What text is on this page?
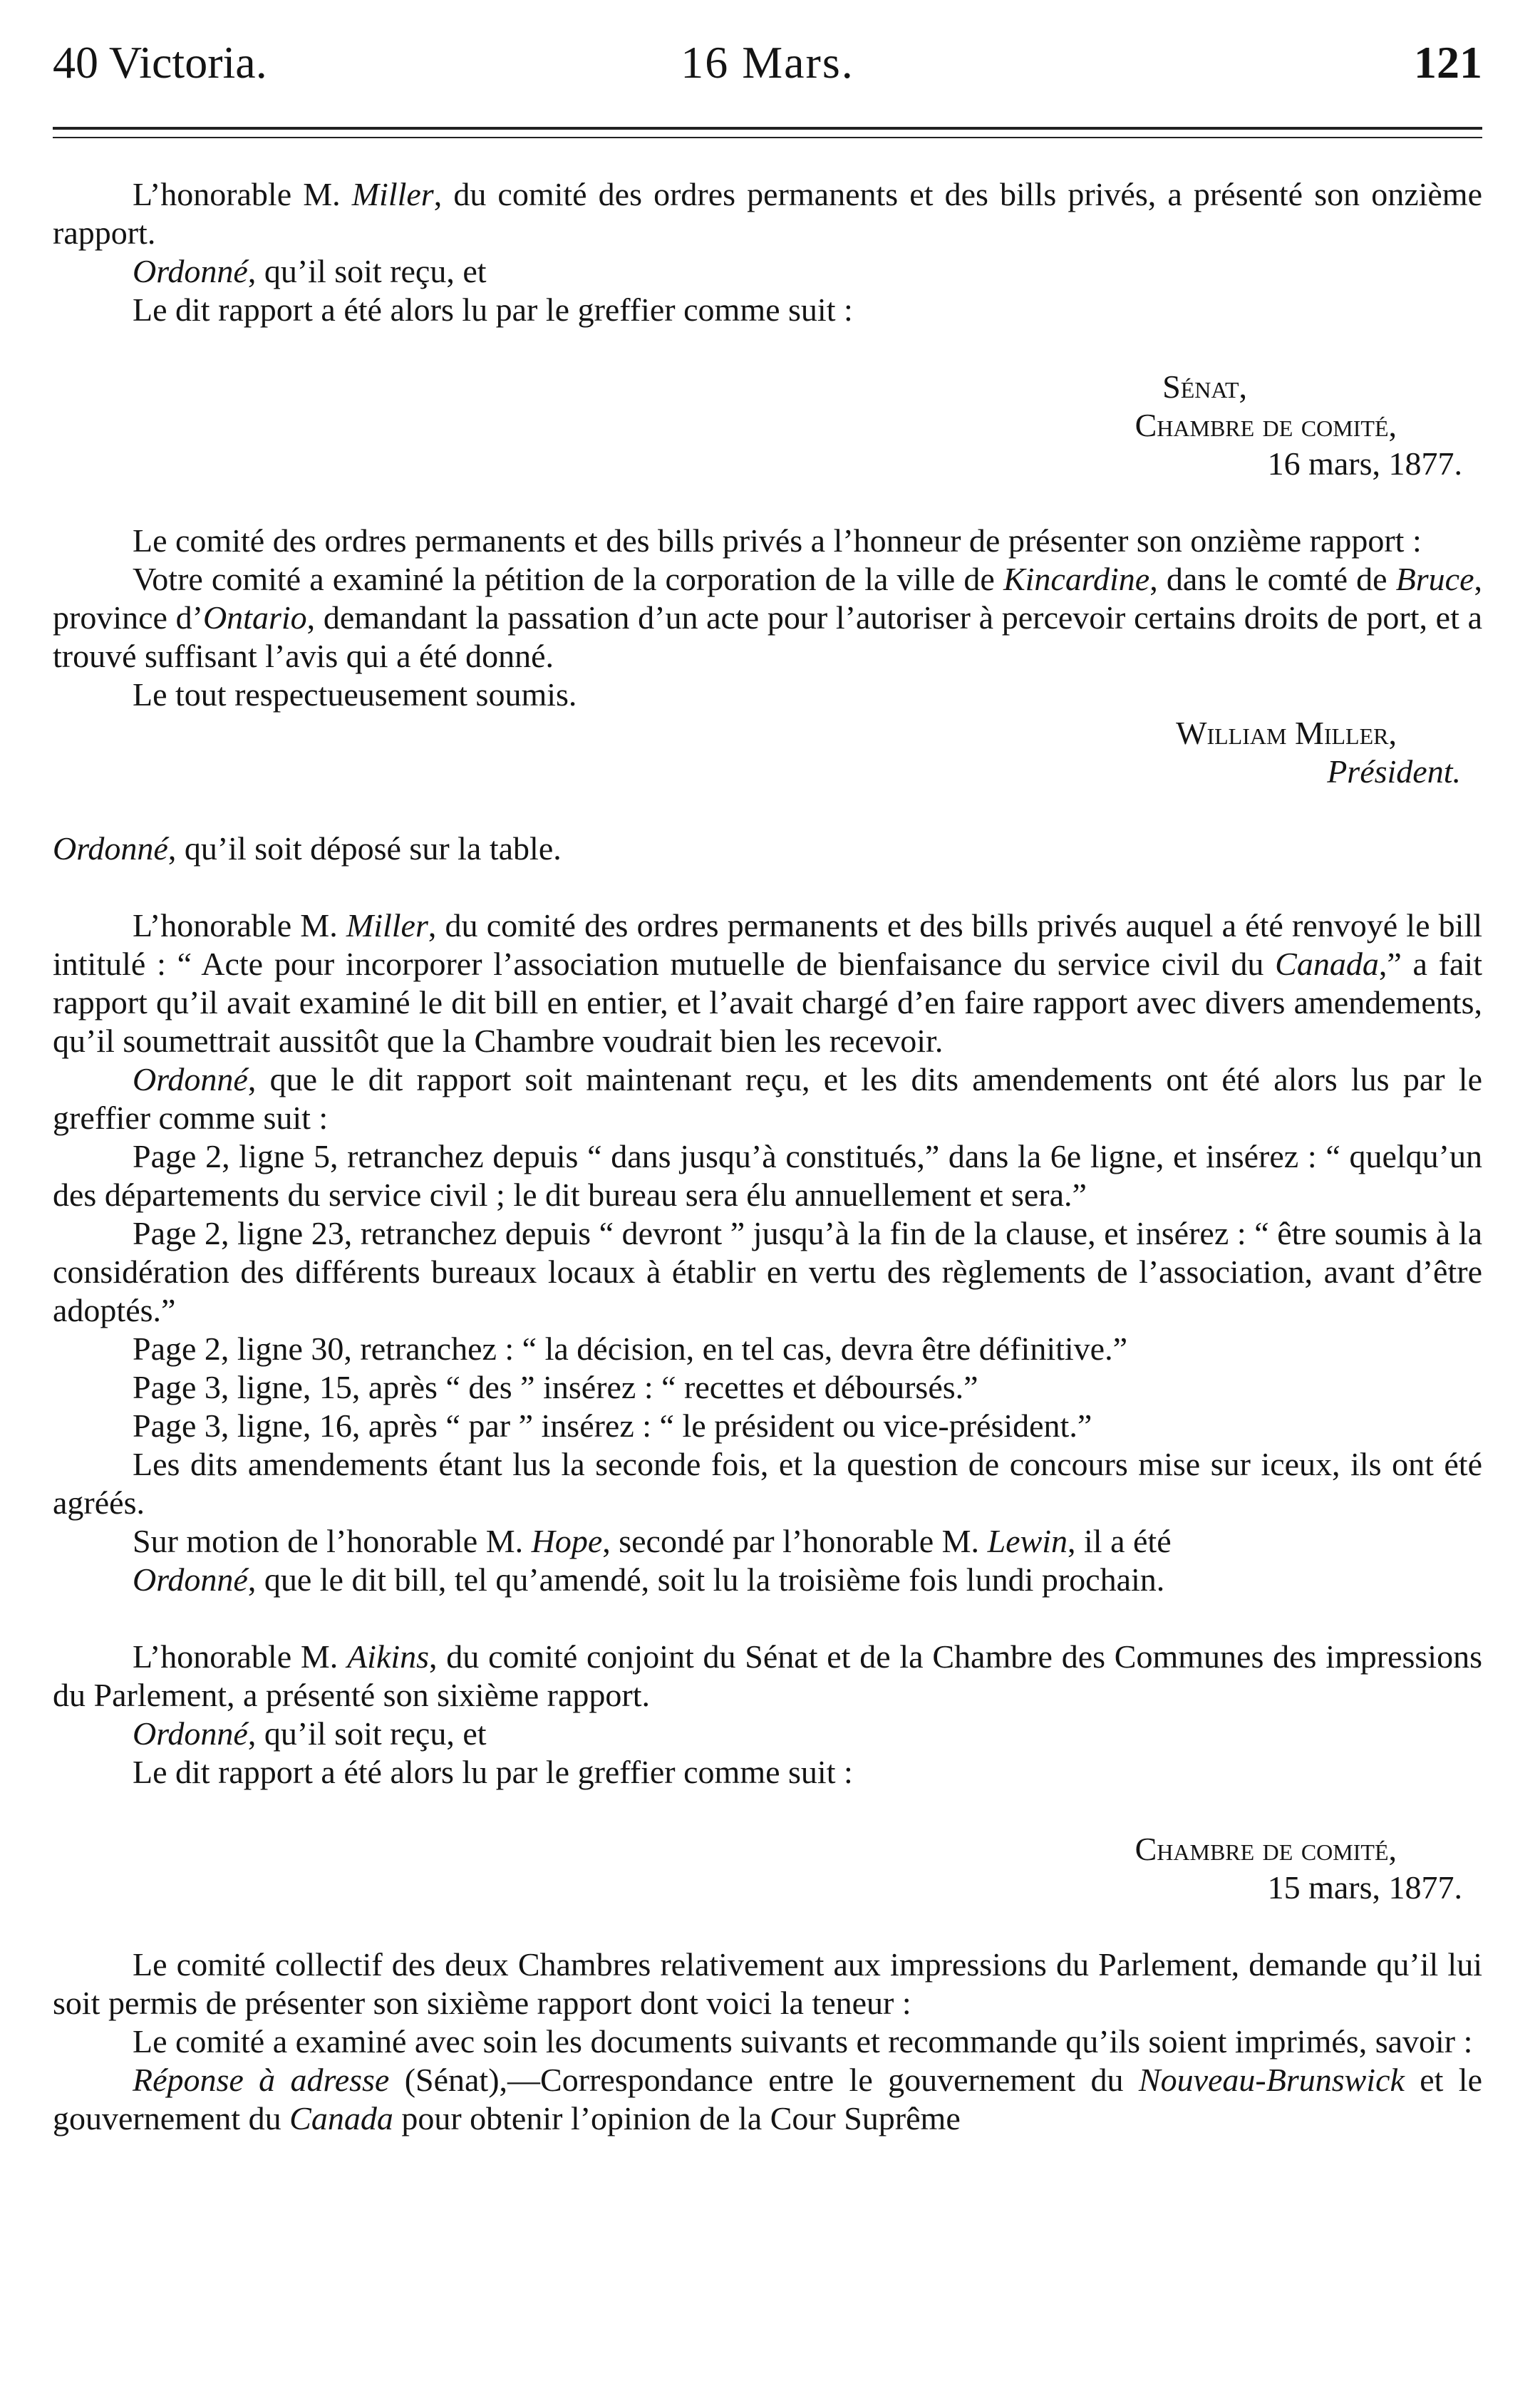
40 Victoria.	16 Mars.	121

L’honorable M. Miller, du comité des ordres permanents et des bills privés, a présenté son onzième rapport.

Ordonné, qu’il soit reçu, et

Le dit rapport a été alors lu par le greffier comme suit :

Sénat,

Chambre de comité,

16 mars, 1877.

Le comité des ordres permanents et des bills privés a l’honneur de présenter son onzième rapport :

Votre comité a examiné la pétition de la corporation de la ville de Kincardine, dans le comté de Bruce, province d’Ontario, demandant la passation d’un acte pour l’autoriser à percevoir certains droits de port, et a trouvé suffisant l’avis qui a été donné.

Le tout respectueusement soumis.

William Miller,

Président.

Ordonné, qu’il soit déposé sur la table.

L’honorable M. Miller, du comité des ordres permanents et des bills privés auquel a été renvoyé le bill intitulé : “ Acte pour incorporer l’association mutuelle de bienfaisance du service civil du Canada,” a fait rapport qu’il avait examiné le dit bill en entier, et l’avait chargé d’en faire rapport avec divers amendements, qu’il soumettrait aussitôt que la Chambre voudrait bien les recevoir.

Ordonné, que le dit rapport soit maintenant reçu, et les dits amendements ont été alors lus par le greffier comme suit :

Page 2, ligne 5, retranchez depuis “ dans jusqu’à constitués,” dans la 6e ligne, et insérez : “ quelqu’un des départements du service civil ; le dit bureau sera élu annuellement et sera.”

Page 2, ligne 23, retranchez depuis “ devront ” jusqu’à la fin de la clause, et insérez : “ être soumis à la considération des différents bureaux locaux à établir en vertu des règlements de l’association, avant d’être adoptés.”

Page 2, ligne 30, retranchez : “ la décision, en tel cas, devra être définitive.”

Page 3, ligne, 15, après “ des ” insérez : “ recettes et déboursés.”

Page 3, ligne, 16, après “ par ” insérez : “ le président ou vice-président.”

Les dits amendements étant lus la seconde fois, et la question de concours mise sur iceux, ils ont été agréés.

Sur motion de l’honorable M. Hope, secondé par l’honorable M. Lewin, il a été

Ordonné, que le dit bill, tel qu’amendé, soit lu la troisième fois lundi prochain.

L’honorable M. Aikins, du comité conjoint du Sénat et de la Chambre des Communes des impressions du Parlement, a présenté son sixième rapport.

Ordonné, qu’il soit reçu, et

Le dit rapport a été alors lu par le greffier comme suit :

Chambre de comité,

15 mars, 1877.

Le comité collectif des deux Chambres relativement aux impressions du Parlement, demande qu’il lui soit permis de présenter son sixième rapport dont voici la teneur :

Le comité a examiné avec soin les documents suivants et recommande qu’ils soient imprimés, savoir :

Réponse à adresse (Sénat),—Correspondance entre le gouvernement du Nouveau-Brunswick et le gouvernement du Canada pour obtenir l’opinion de la Cour Suprême
